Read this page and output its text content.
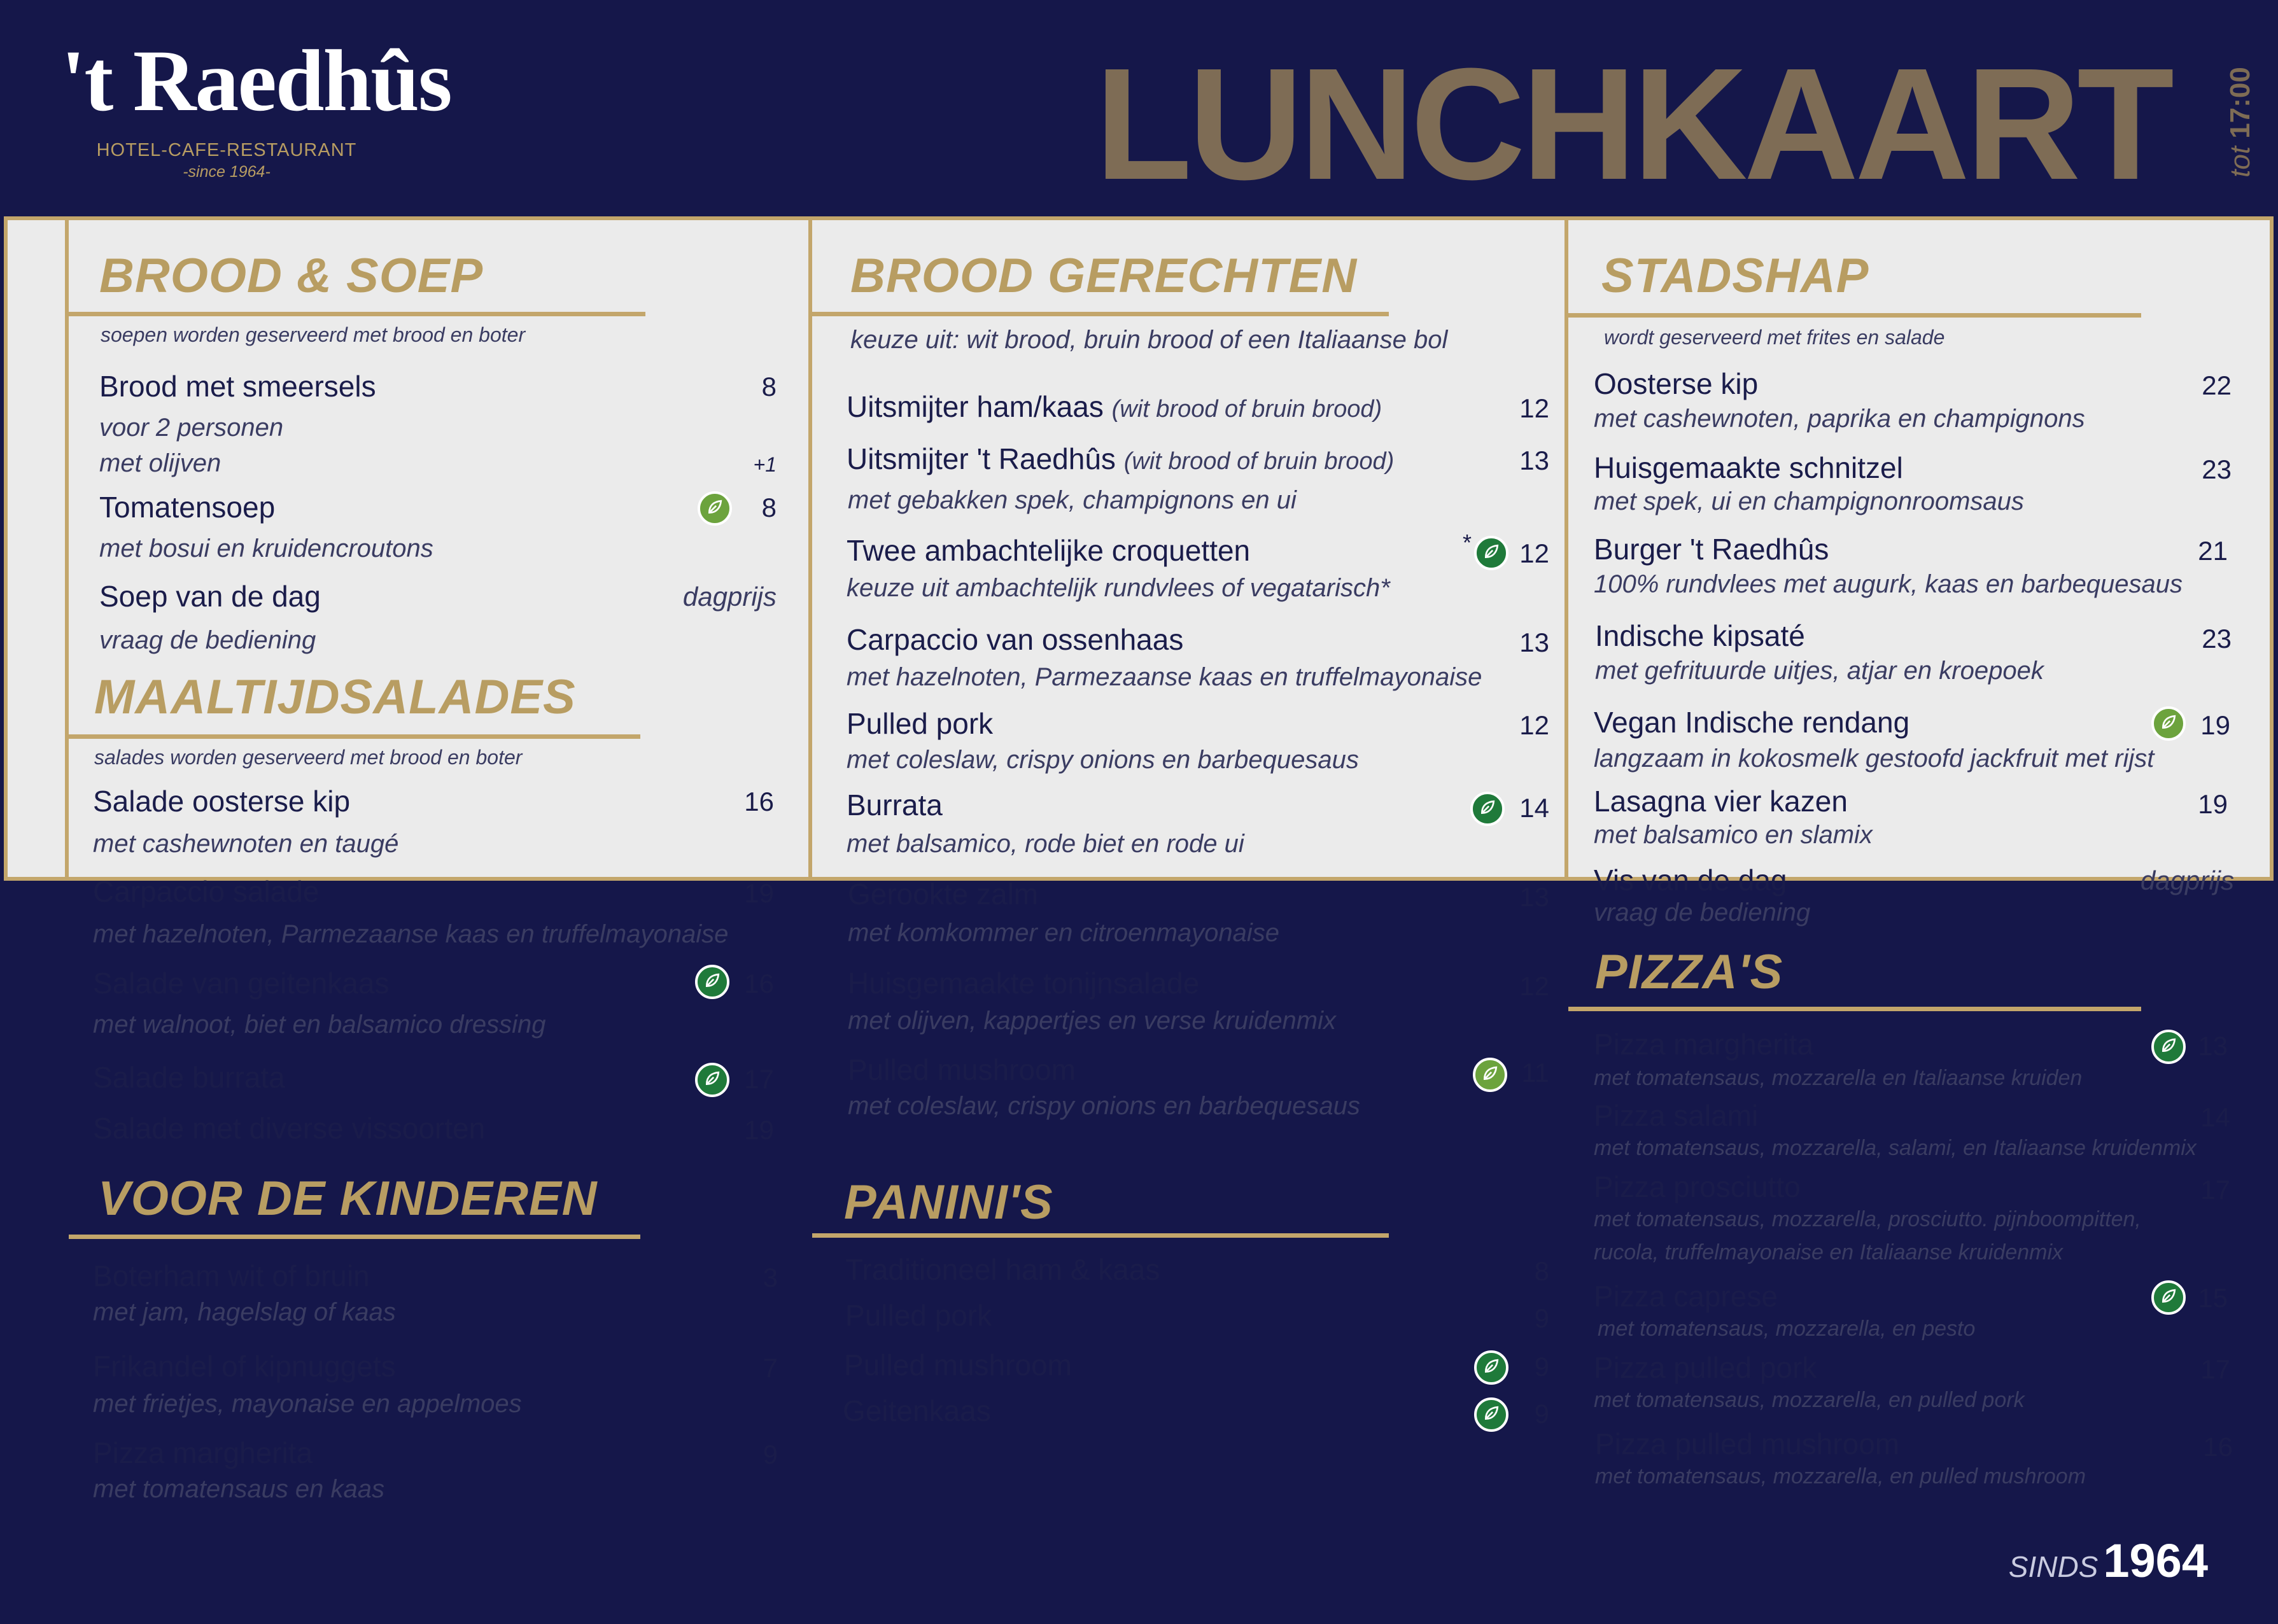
't Raedhûs
HOTEL-CAFE-RESTAURANT
-since 1964-	LUNCHKAART tot 17:00
BROOD & SOEP
soepen worden geserveerd met brood en boter
Brood met smeersels	8
voor 2 personen
met olijven	+1
Tomatensoep	8
met bosui en kruidencroutons
Soep van de dag	dagprijs
vraag de bediening
MAALTIJDSALADES
salades worden geserveerd met brood en boter
Salade oosterse kip	16
met cashewnoten en taugé
Carpaccio salade	19
met hazelnoten, Parmezaanse kaas en truffelmayonaise
Salade van geitenkaas	16
met walnoot, biet en balsamico dressing
Salade burrata	17
Salade met diverse vissoorten	19
VOOR DE KINDEREN
Boterham wit of bruin	3
met jam, hagelslag of kaas
Frikandel of kipnuggets	7
met frietjes, mayonaise en appelmoes
Pizza margherita	9
met tomatensaus en kaas
BROOD GERECHTEN
keuze uit: wit brood, bruin brood of een Italiaanse bol
Uitsmijter ham/kaas (wit brood of bruin brood)	12
Uitsmijter 't Raedhûs (wit brood of bruin brood)	13
met gebakken spek, champignons en ui
Twee ambachtelijke croquetten	*	12
keuze uit ambachtelijk rundvlees of vegatarisch*
Carpaccio van ossenhaas	13
met hazelnoten, Parmezaanse kaas en truffelmayonaise
Pulled pork	12
met coleslaw, crispy onions en barbequesaus
Burrata	14
met balsamico, rode biet en rode ui
Gerookte zalm	13
met komkommer en citroenmayonaise
Huisgemaakte tonijnsalade	12
met olijven, kappertjes en verse kruidenmix
Pulled mushroom	11
met coleslaw, crispy onions en barbequesaus
PANINI'S
Traditioneel ham & kaas	8
Pulled pork	9
Pulled mushroom	9
Geitenkaas	9
STADSHAP
wordt geserveerd met frites en salade
Oosterse kip	22
met cashewnoten, paprika en champignons
Huisgemaakte schnitzel	23
met spek, ui en champignonroomsaus
Burger 't Raedhûs	21
100% rundvlees met augurk, kaas en barbequesaus
Indische kipsaté	23
met gefrituurde uitjes, atjar en kroepoek
Vegan Indische rendang	19
langzaam in kokosmelk gestoofd jackfruit met rijst
Lasagna vier kazen	19
met balsamico en slamix
Vis van de dag	dagprijs
vraag de bediening
PIZZA'S
Pizza margherita	13
met tomatensaus, mozzarella en Italiaanse kruiden
Pizza salami	14
met tomatensaus, mozzarella, salami, en Italiaanse kruidenmix
Pizza prosciutto	17
met tomatensaus, mozzarella, prosciutto. pijnboompitten,
rucola, truffelmayonaise en Italiaanse kruidenmix
Pizza caprese	15
met tomatensaus, mozzarella, en pesto
Pizza pulled pork	17
met tomatensaus, mozzarella, en pulled pork
Pizza pulled mushroom	16
met tomatensaus, mozzarella, en pulled mushroom
SINDS 1964
